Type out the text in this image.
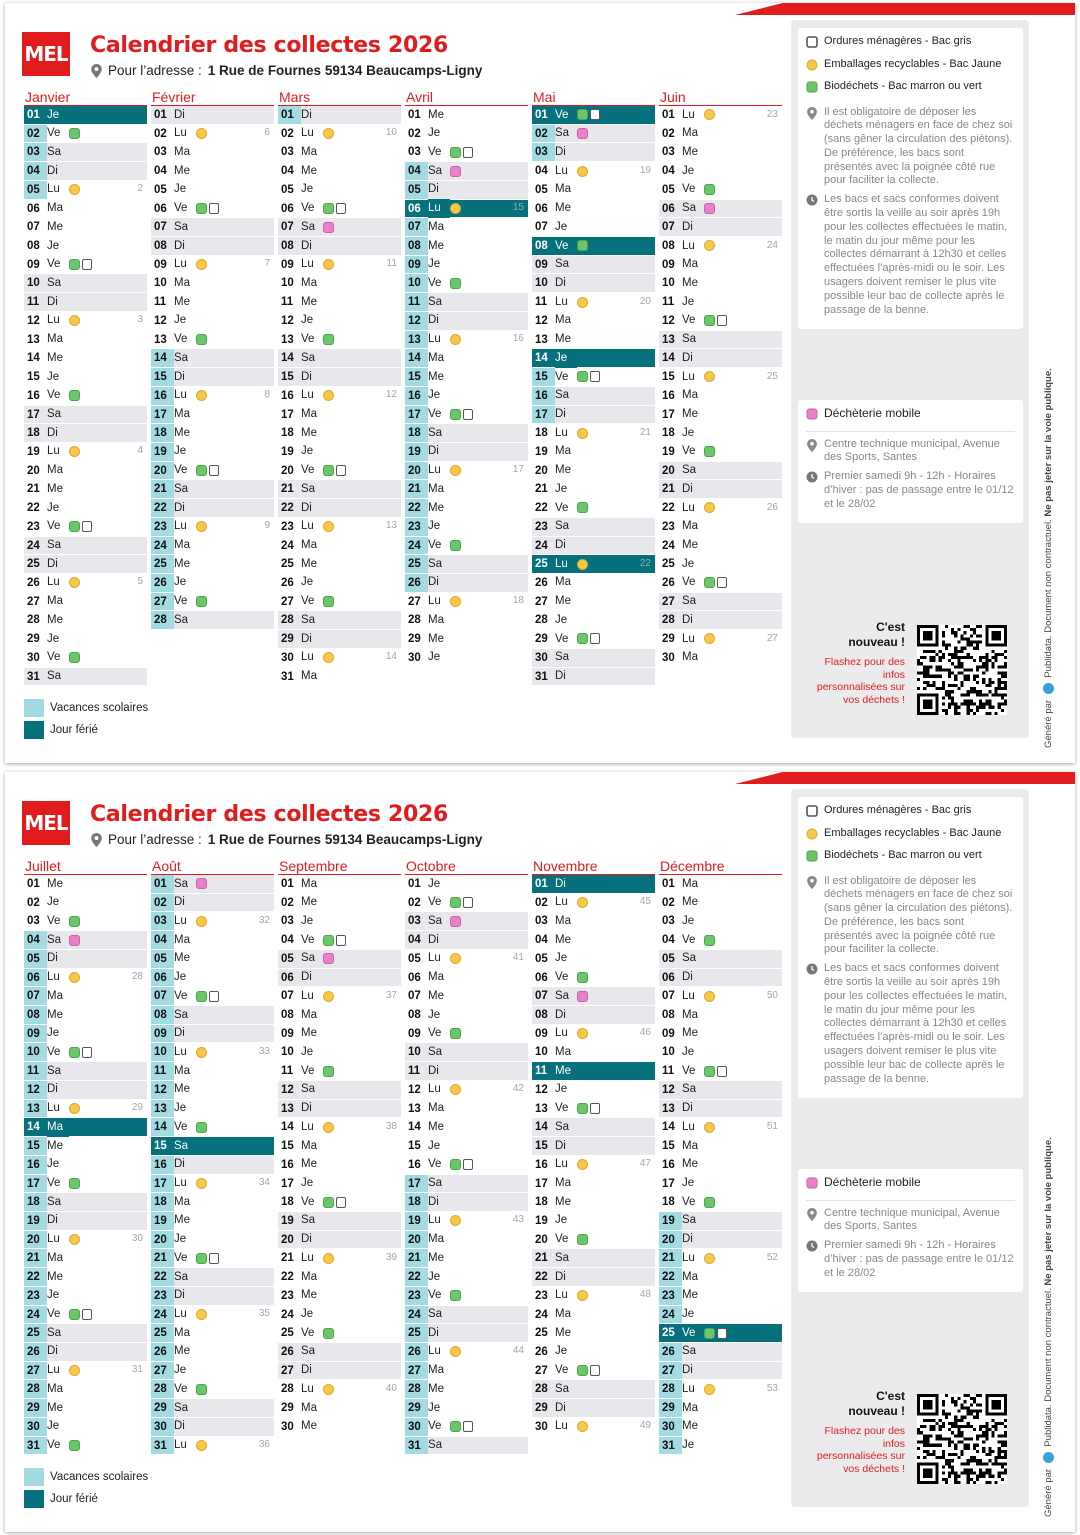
MEL Calendrier des collectes 2026
Pour l’adresse : 1 Rue de Fournes 59134 Beaucamps-Ligny
Janvier
01 Je
02 Ve
03 Sa
04 Di
05 Lu	2
06 Ma
07 Me
08 Je
09 Ve
10 Sa
11 Di
12 Lu	3
13 Ma
14 Me
15 Je
16 Ve
17 Sa
18 Di
19 Lu	4
20 Ma
21 Me
22 Je
23 Ve
24 Sa
25 Di
26 Lu	5
27 Ma
28 Me
29 Je
30 Ve
31 Sa
Février
01 Di
02 Lu	6
03 Ma
04 Me
05 Je
06 Ve
07 Sa
08 Di
09 Lu	7
10 Ma
11 Me
12 Je
13 Ve
14 Sa
15 Di
16 Lu	8
17 Ma
18 Me
19 Je
20 Ve
21 Sa
22 Di
23 Lu	9
24 Ma
25 Me
26 Je
27 Ve
28 Sa
Mars
01 Di
02 Lu	10
03 Ma
04 Me
05 Je
06 Ve
07 Sa
08 Di
09 Lu	11
10 Ma
11 Me
12 Je
13 Ve
14 Sa
15 Di
16 Lu	12
17 Ma
18 Me
19 Je
20 Ve
21 Sa
22 Di
23 Lu	13
24 Ma
25 Me
26 Je
27 Ve
28 Sa
29 Di
30 Lu	14
31 Ma
Avril
01 Me
02 Je
03 Ve
04 Sa
05 Di
06 Lu	15
07 Ma
08 Me
09 Je
10 Ve
11 Sa
12 Di
13 Lu	16
14 Ma
15 Me
16 Je
17 Ve
18 Sa
19 Di
20 Lu	17
21 Ma
22 Me
23 Je
24 Ve
25 Sa
26 Di
27 Lu	18
28 Ma
29 Me
30 Je
Mai
01 Ve
02 Sa
03 Di
04 Lu	19
05 Ma
06 Me
07 Je
08 Ve
09 Sa
10 Di
11 Lu	20
12 Ma
13 Me
14 Je
15 Ve
16 Sa
17 Di
18 Lu	21
19 Ma
20 Me
21 Je
22 Ve
23 Sa
24 Di
25 Lu	22
26 Ma
27 Me
28 Je
29 Ve
30 Sa
31 Di
Juin
01 Lu	23
02 Ma
03 Me
04 Je
05 Ve
06 Sa
07 Di
08 Lu	24
09 Ma
10 Me
11 Je
12 Ve
13 Sa
14 Di
15 Lu	25
16 Ma
17 Me
18 Je
19 Ve
20 Sa
21 Di
22 Lu	26
23 Ma
24 Me
25 Je
26 Ve
27 Sa
28 Di
29 Lu	27
30 Ma
Vacances scolaires
Jour férié
Ordures ménagères - Bac gris
Emballages recyclables - Bac Jaune
Biodéchets - Bac marron ou vert
Il est obligatoire de déposer les déchets ménagers en face de chez soi (sans gêner la circulation des piétons). De préférence, les bacs sont présentés avec la poignée côté rue pour faciliter la collecte.
Les bacs et sacs conformes doivent être sortis la veille au soir après 19h pour les collectes effectuées le matin, le matin du jour même pour les collectes démarrant à 12h30 et celles effectuées l’après-midi ou le soir. Les usagers doivent remiser le plus vite possible leur bac de collecte après le passage de la benne.
Déchèterie mobile
Centre technique municipal, Avenue des Sports, Santes
Premier samedi 9h - 12h - Horaires d’hiver : pas de passage entre le 01/12 et le 28/02
C'est nouveau !
Flashez pour des infos personnalisées sur vos déchets !
Généré par  Publidata. Document non contractuel. Ne pas jeter sur la voie publique.
MEL Calendrier des collectes 2026
Pour l’adresse : 1 Rue de Fournes 59134 Beaucamps-Ligny
Juillet
01 Me
02 Je
03 Ve
04 Sa
05 Di
06 Lu	28
07 Ma
08 Me
09 Je
10 Ve
11 Sa
12 Di
13 Lu	29
14 Ma
15 Me
16 Je
17 Ve
18 Sa
19 Di
20 Lu	30
21 Ma
22 Me
23 Je
24 Ve
25 Sa
26 Di
27 Lu	31
28 Ma
29 Me
30 Je
31 Ve
Août
01 Sa
02 Di
03 Lu	32
04 Ma
05 Me
06 Je
07 Ve
08 Sa
09 Di
10 Lu	33
11 Ma
12 Me
13 Je
14 Ve
15 Sa
16 Di
17 Lu	34
18 Ma
19 Me
20 Je
21 Ve
22 Sa
23 Di
24 Lu	35
25 Ma
26 Me
27 Je
28 Ve
29 Sa
30 Di
31 Lu	36
Septembre
01 Ma
02 Me
03 Je
04 Ve
05 Sa
06 Di
07 Lu	37
08 Ma
09 Me
10 Je
11 Ve
12 Sa
13 Di
14 Lu	38
15 Ma
16 Me
17 Je
18 Ve
19 Sa
20 Di
21 Lu	39
22 Ma
23 Me
24 Je
25 Ve
26 Sa
27 Di
28 Lu	40
29 Ma
30 Me
Octobre
01 Je
02 Ve
03 Sa
04 Di
05 Lu	41
06 Ma
07 Me
08 Je
09 Ve
10 Sa
11 Di
12 Lu	42
13 Ma
14 Me
15 Je
16 Ve
17 Sa
18 Di
19 Lu	43
20 Ma
21 Me
22 Je
23 Ve
24 Sa
25 Di
26 Lu	44
27 Ma
28 Me
29 Je
30 Ve
31 Sa
Novembre
01 Di
02 Lu	45
03 Ma
04 Me
05 Je
06 Ve
07 Sa
08 Di
09 Lu	46
10 Ma
11 Me
12 Je
13 Ve
14 Sa
15 Di
16 Lu	47
17 Ma
18 Me
19 Je
20 Ve
21 Sa
22 Di
23 Lu	48
24 Ma
25 Me
26 Je
27 Ve
28 Sa
29 Di
30 Lu	49
Décembre
01 Ma
02 Me
03 Je
04 Ve
05 Sa
06 Di
07 Lu	50
08 Ma
09 Me
10 Je
11 Ve
12 Sa
13 Di
14 Lu	51
15 Ma
16 Me
17 Je
18 Ve
19 Sa
20 Di
21 Lu	52
22 Ma
23 Me
24 Je
25 Ve
26 Sa
27 Di
28 Lu	53
29 Ma
30 Me
31 Je
Vacances scolaires
Jour férié
Ordures ménagères - Bac gris
Emballages recyclables - Bac Jaune
Biodéchets - Bac marron ou vert
Il est obligatoire de déposer les déchets ménagers en face de chez soi (sans gêner la circulation des piétons). De préférence, les bacs sont présentés avec la poignée côté rue pour faciliter la collecte.
Les bacs et sacs conformes doivent être sortis la veille au soir après 19h pour les collectes effectuées le matin, le matin du jour même pour les collectes démarrant à 12h30 et celles effectuées l’après-midi ou le soir. Les usagers doivent remiser le plus vite possible leur bac de collecte après le passage de la benne.
Déchèterie mobile
Centre technique municipal, Avenue des Sports, Santes
Premier samedi 9h - 12h - Horaires d’hiver : pas de passage entre le 01/12 et le 28/02
C'est nouveau !
Flashez pour des infos personnalisées sur vos déchets !
Généré par  Publidata. Document non contractuel. Ne pas jeter sur la voie publique.
